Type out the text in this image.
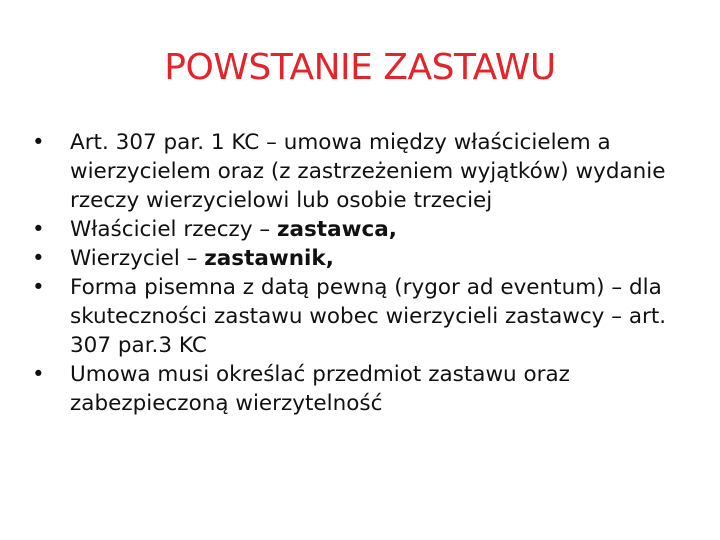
POWSTANIE ZASTAWU
•	Art. 307 par. 1 KC – umowa między właścicielem a wierzycielem oraz (z zastrzeżeniem wyjątków) wydanie rzeczy wierzycielowi lub osobie trzeciej
•	Właściciel rzeczy – zastawca,
•	Wierzyciel – zastawnik,
•	Forma pisemna z datą pewną (rygor ad eventum) – dla skuteczności zastawu wobec wierzycieli zastawcy – art. 307 par.3 KC
•	Umowa musi określać przedmiot zastawu oraz zabezpieczoną wierzytelność
